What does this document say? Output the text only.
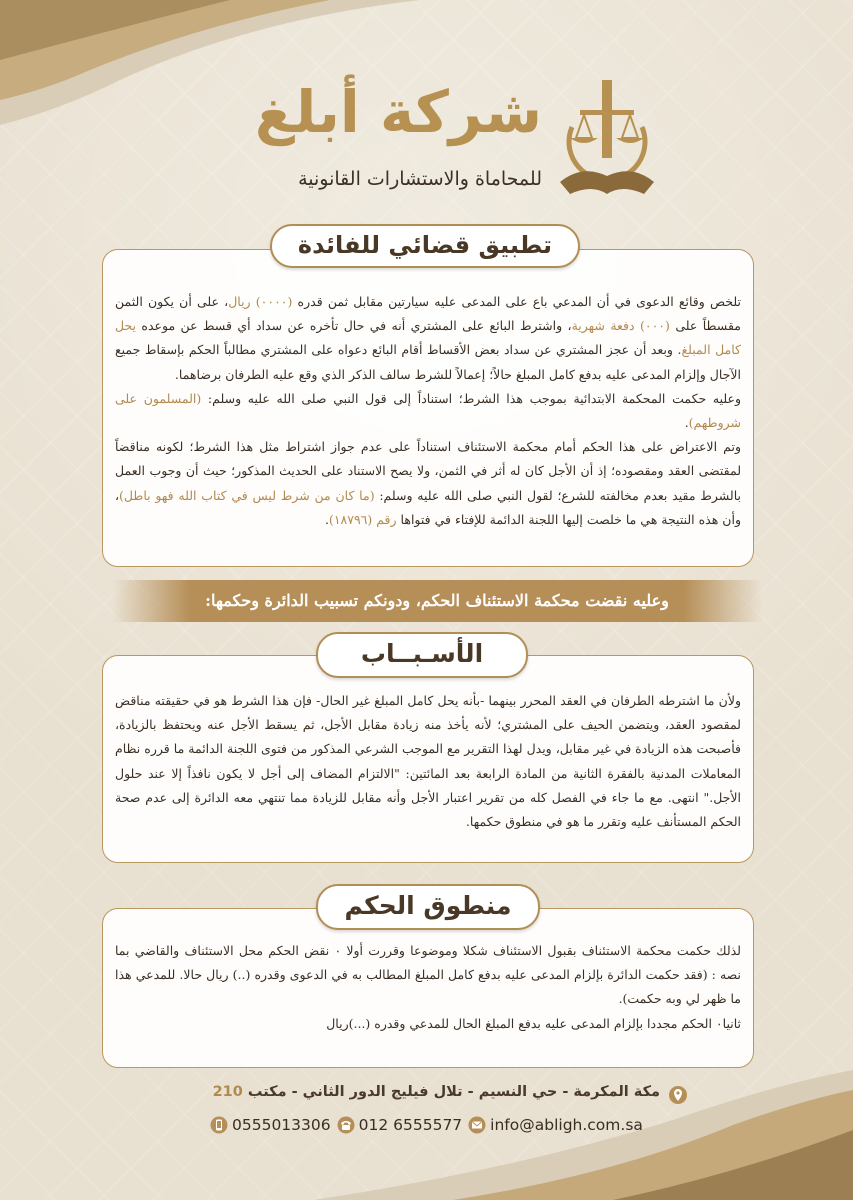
شركة أبلغ
للمحاماة والاستشارات القانونية

تلخص وقائع الدعوى في أن المدعي باع على المدعى عليه سيارتين مقابل ثمن قدره (٠٠٠٠) ريال، على أن يكون الثمن مقسطاً على (٠٠٠) دفعة شهرية، واشترط البائع على المشتري أنه في حال تأخره عن سداد أي قسط عن موعده يحل كامل المبلغ. وبعد أن عجز المشتري عن سداد بعض الأقساط أقام البائع دعواه على المشتري مطالباً الحكم بإسقاط جميع الآجال وإلزام المدعى عليه بدفع كامل المبلغ حالاً؛ إعمالاً للشرط سالف الذكر الذي وقع عليه الطرفان برضاهما.

وعليه حكمت المحكمة الابتدائية بموجب هذا الشرط؛ استناداً إلى قول النبي صلى الله عليه وسلم: (المسلمون على شروطهم).

وتم الاعتراض على هذا الحكم أمام محكمة الاستئناف استناداً على عدم جواز اشتراط مثل هذا الشرط؛ لكونه مناقضاً لمقتضى العقد ومقصوده؛ إذ أن الأجل كان له أثر في الثمن، ولا يصح الاستناد على الحديث المذكور؛ حيث أن وجوب العمل بالشرط مقيد بعدم مخالفته للشرع؛ لقول النبي صلى الله عليه وسلم: (ما كان من شرط ليس في كتاب الله فهو باطل)، وأن هذه النتيجة هي ما خلصت إليها اللجنة الدائمة للإفتاء في فتواها رقم (١٨٧٩٦).

تطبيق قضائي للفائدة
وعليه نقضت محكمة الاستئناف الحكم، ودونكم تسبيب الدائرة وحكمها:

ولأن ما اشترطه الطرفان في العقد المحرر بينهما -بأنه يحل كامل المبلغ غير الحال- فإن هذا الشرط هو في حقيقته مناقض لمقصود العقد، ويتضمن الحيف على المشتري؛ لأنه يأخذ منه زيادة مقابل الأجل، ثم يسقط الأجل عنه ويحتفظ بالزيادة، فأصبحت هذه الزيادة في غير مقابل، ويدل لهذا التقرير مع الموجب الشرعي المذكور من فتوى اللجنة الدائمة ما قرره نظام المعاملات المدنية بالفقرة الثانية من المادة الرابعة بعد المائتين: "الالتزام المضاف إلى أجل لا يكون نافذاً إلا عند حلول الأجل." انتهى. مع ما جاء في الفصل كله من تقرير اعتبار الأجل وأنه مقابل للزيادة مما تنتهي معه الدائرة إلى عدم صحة الحكم المستأنف عليه وتقرر ما هو في منطوق حكمها.

الأسـبــاب

لذلك حكمت محكمة الاستئناف بقبول الاستئناف شكلا وموضوعا وقررت أولا ٠ نقض الحكم محل الاستئناف والقاضي بما نصه : (فقد حكمت الدائرة بإلزام المدعى عليه بدفع كامل المبلغ المطالب به في الدعوى وقدره (..) ريال حالا. للمدعي هذا ما ظهر لي وبه حكمت).

ثانيا٠ الحكم مجددا بإلزام المدعى عليه بدفع المبلغ الحال للمدعي وقدره (...)ريال

منطوق الحكم
مكة المكرمة - حي النسيم - تلال فيليج الدور الثاني - مكتب 210
0555013306 012 6555577 info@abligh.com.sa
